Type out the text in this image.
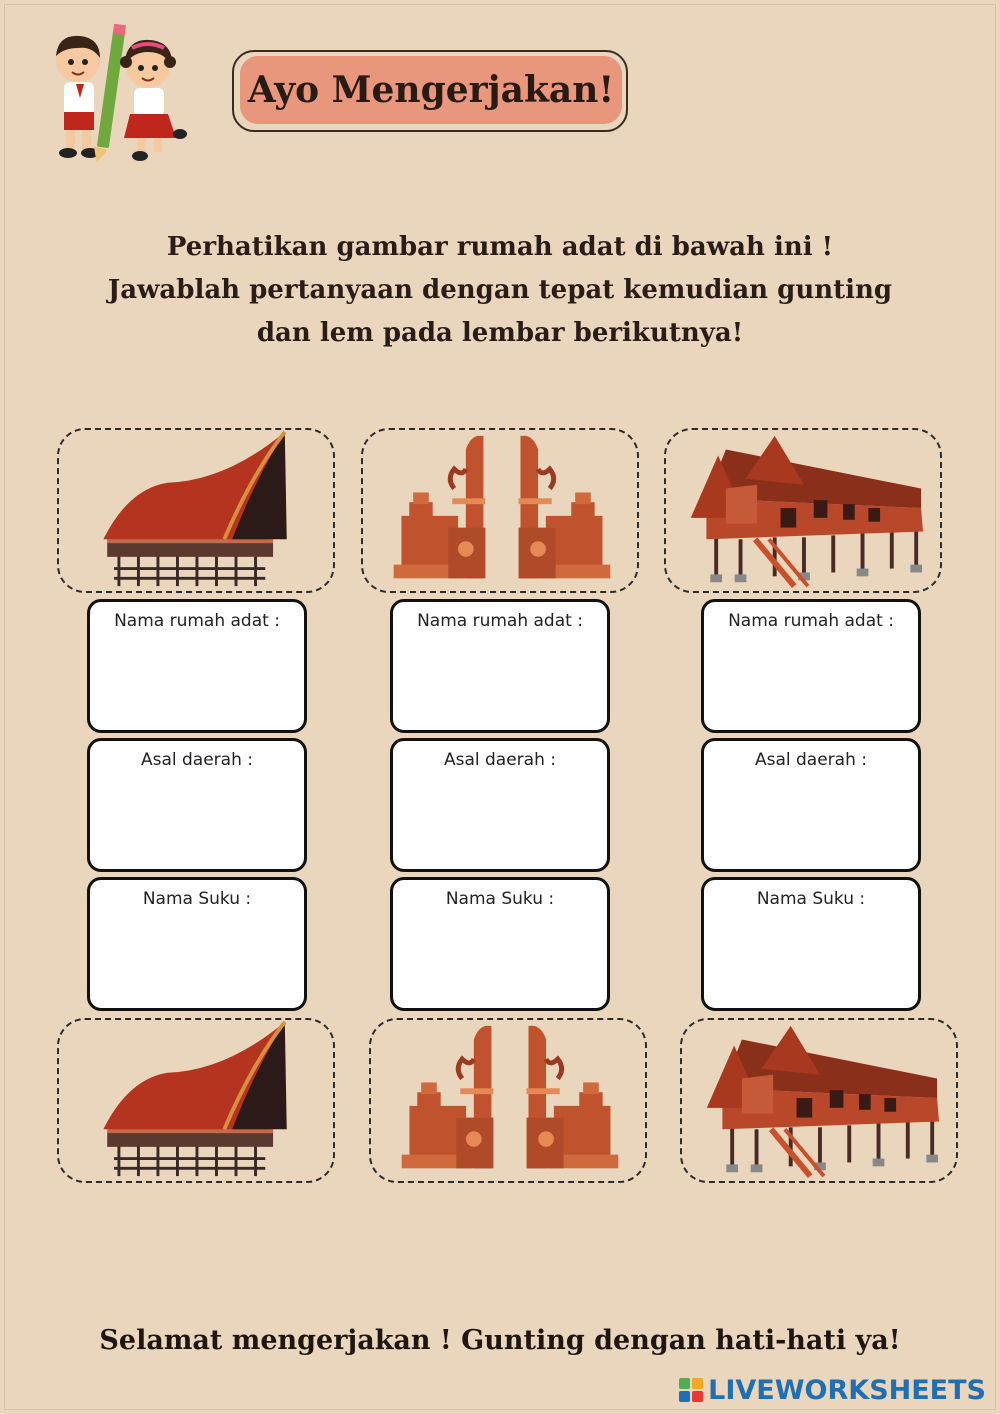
Ayo Mengerjakan!
Perhatikan gambar rumah adat di bawah ini !
Jawablah pertanyaan dengan tepat kemudian gunting
dan lem pada lembar berikutnya!
Nama rumah adat :
Asal daerah :
Nama Suku :
Nama rumah adat :
Asal daerah :
Nama Suku :
Nama rumah adat :
Asal daerah :
Nama Suku :
Selamat mengerjakan ! Gunting dengan hati-hati ya!
LIVEWORKSHEETS
